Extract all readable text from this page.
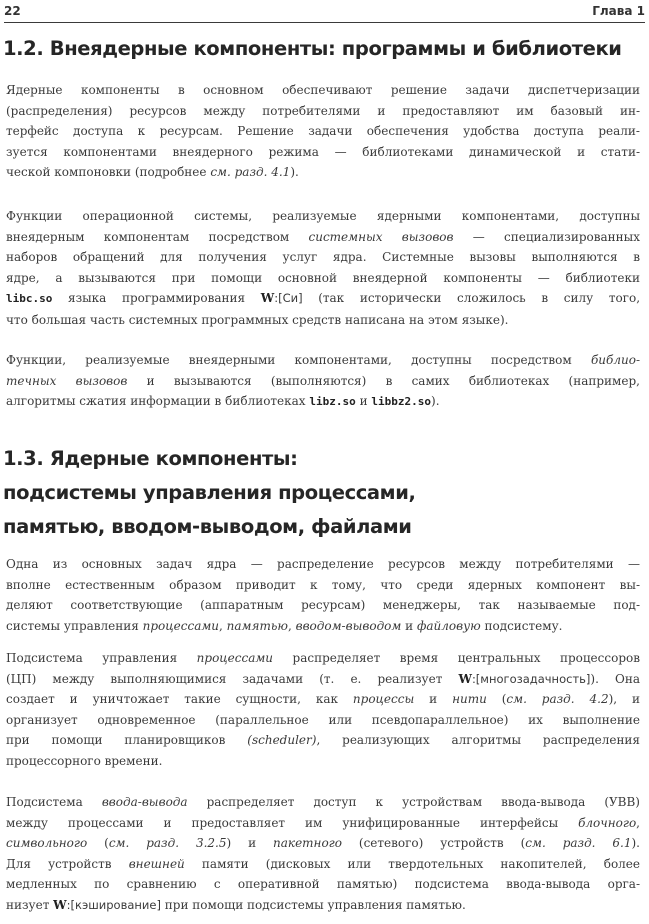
22	Глава 1
1.2. Внеядерные компоненты: программы и библиотеки
Ядерные компоненты в основном обеспечивают решение задачи диспетчеризации
(распределения) ресурсов между потребителями и предоставляют им базовый ин-
терфейс доступа к ресурсам. Решение задачи обеспечения удобства доступа реали-
зуется компонентами внеядерного режима — библиотеками динамической и стати-
ческой компоновки (подробнее см. разд. 4.1).
Функции операционной системы, реализуемые ядерными компонентами, доступны
внеядерным компонентам посредством системных вызовов — специализированных
наборов обращений для получения услуг ядра. Системные вызовы выполняются в
ядре, а вызываются при помощи основной внеядерной компоненты — библиотеки
libc.so языка программирования W:[Си] (так исторически сложилось в силу того,
что большая часть системных программных средств написана на этом языке).
Функции, реализуемые внеядерными компонентами, доступны посредством библио-
течных вызовов и вызываются (выполняются) в самих библиотеках (например,
алгоритмы сжатия информации в библиотеках libz.so и libbz2.so).
1.3. Ядерные компоненты:
подсистемы управления процессами,
памятью, вводом-выводом, файлами
Одна из основных задач ядра — распределение ресурсов между потребителями —
вполне естественным образом приводит к тому, что среди ядерных компонент вы-
деляют соответствующие (аппаратным ресурсам) менеджеры, так называемые под-
системы управления процессами, памятью, вводом-выводом и файловую подсистему.
Подсистема управления процессами распределяет время центральных процессоров
(ЦП) между выполняющимися задачами (т. е. реализует W:[многозадачность]). Она
создает и уничтожает такие сущности, как процессы и нити (см. разд. 4.2), и
организует одновременное (параллельное или псевдопараллельное) их выполнение
при помощи планировщиков (scheduler), реализующих алгоритмы распределения
процессорного времени.
Подсистема ввода-вывода распределяет доступ к устройствам ввода-вывода (УВВ)
между процессами и предоставляет им унифицированные интерфейсы блочного,
символьного (см. разд. 3.2.5) и пакетного (сетевого) устройств (см. разд. 6.1).
Для устройств внешней памяти (дисковых или твердотельных накопителей, более
медленных по сравнению с оперативной памятью) подсистема ввода-вывода орга-
низует W:[кэширование] при помощи подсистемы управления памятью.
